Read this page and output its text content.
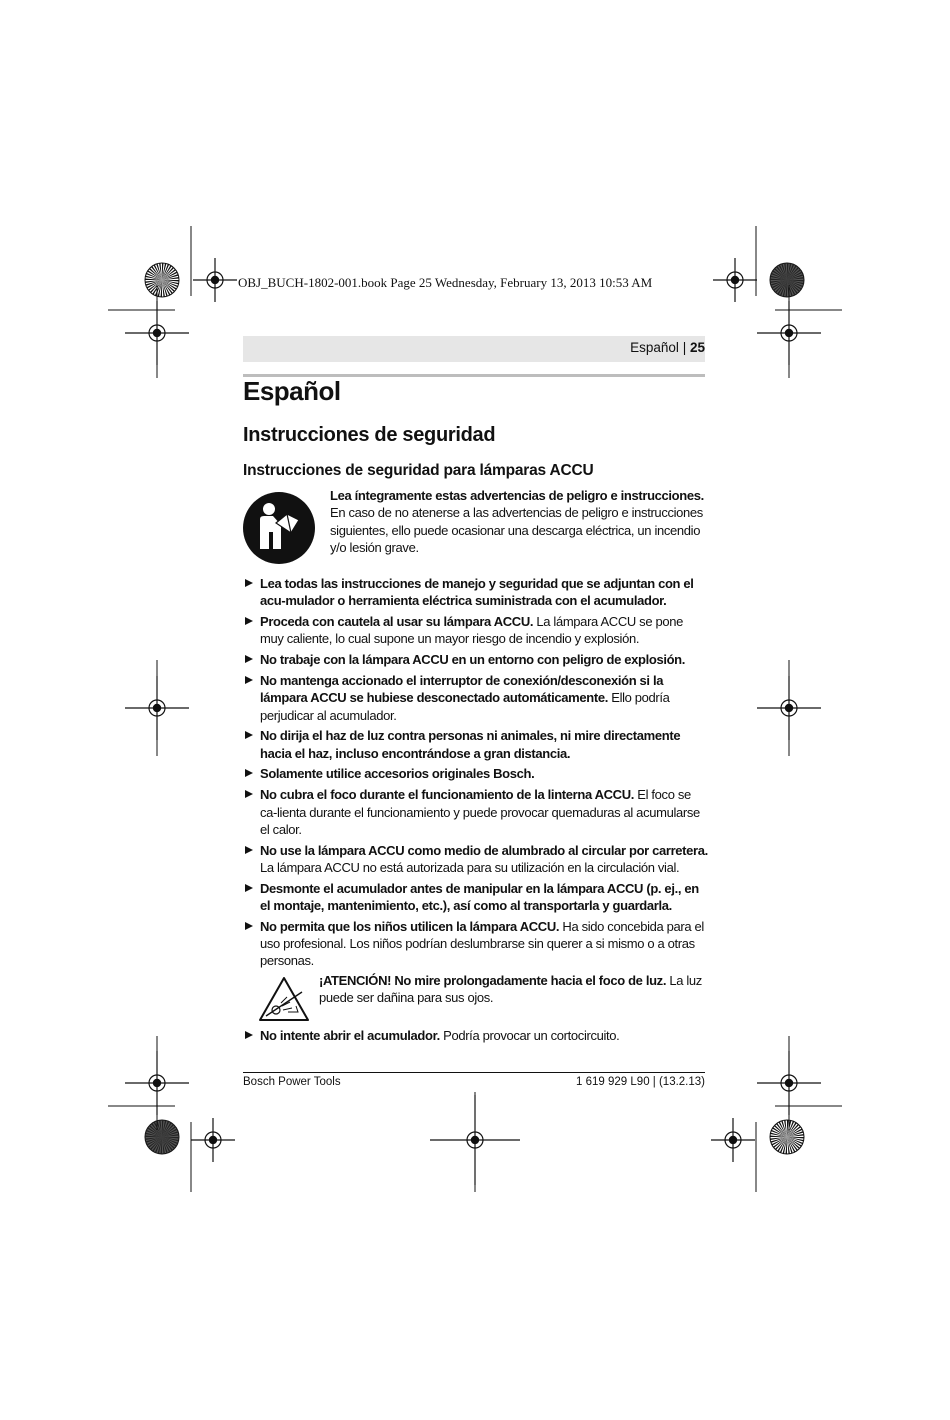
OBJ_BUCH-1802-001.book Page 25 Wednesday, February 13, 2013 10:53 AM
Español | 25
Español
Instrucciones de seguridad
Instrucciones de seguridad para lámparas ACCU
Lea íntegramente estas advertencias de peligro e instrucciones. En caso de no atenerse a las advertencias de peligro e instrucciones siguientes, ello puede ocasionar una descarga eléctrica, un incendio y/o lesión grave.
Lea todas las instrucciones de manejo y seguridad que se adjuntan con el acu-mulador o herramienta eléctrica suministrada con el acumulador.
Proceda con cautela al usar su lámpara ACCU. La lámpara ACCU se pone muy caliente, lo cual supone un mayor riesgo de incendio y explosión.
No trabaje con la lámpara ACCU en un entorno con peligro de explosión.
No mantenga accionado el interruptor de conexión/desconexión si la lámpara ACCU se hubiese desconectado automáticamente. Ello podría perjudicar al acumulador.
No dirija el haz de luz contra personas ni animales, ni mire directamente hacia el haz, incluso encontrándose a gran distancia.
Solamente utilice accesorios originales Bosch.
No cubra el foco durante el funcionamiento de la linterna ACCU. El foco se ca-lienta durante el funcionamiento y puede provocar quemaduras al acumularse el calor.
No use la lámpara ACCU como medio de alumbrado al circular por carretera. La lámpara ACCU no está autorizada para su utilización en la circulación vial.
Desmonte el acumulador antes de manipular en la lámpara ACCU (p. ej., en el montaje, mantenimiento, etc.), así como al transportarla y guardarla.
No permita que los niños utilicen la lámpara ACCU. Ha sido concebida para el uso profesional. Los niños podrían deslumbrarse sin querer a si mismo o a otras personas.
¡ATENCIÓN! No mire prolongadamente hacia el foco de luz. La luz puede ser dañina para sus ojos.
No intente abrir el acumulador. Podría provocar un cortocircuito.
Bosch Power Tools	1 619 929 L90 | (13.2.13)
